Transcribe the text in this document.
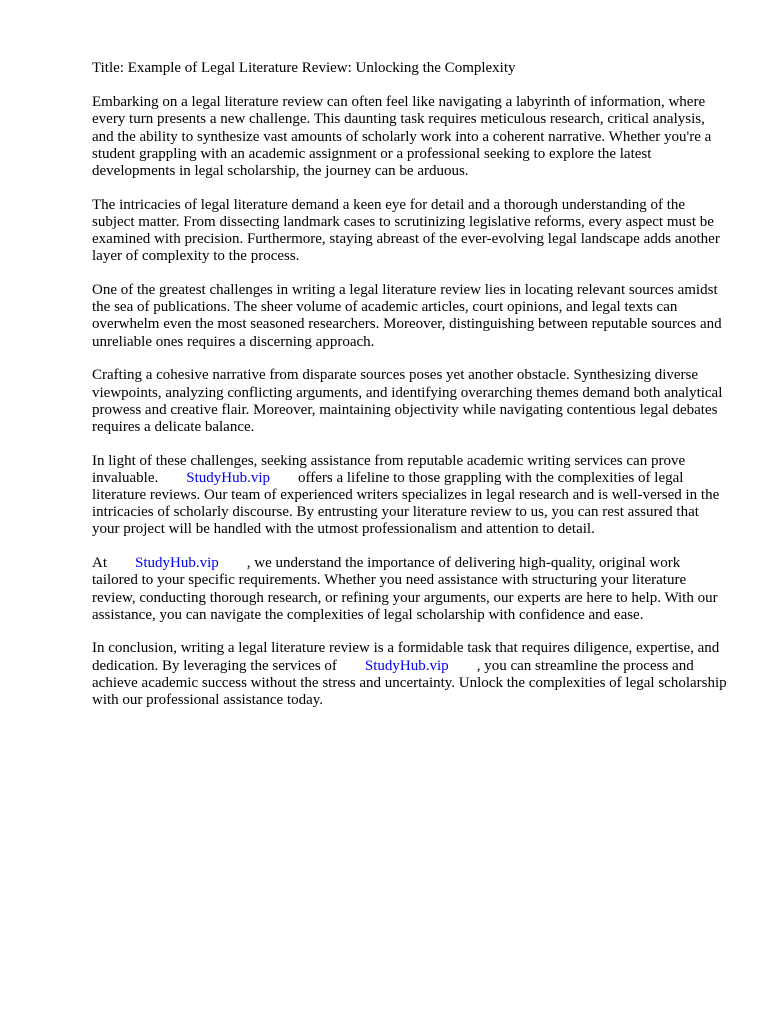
Title: Example of Legal Literature Review: Unlocking the Complexity

Embarking on a legal literature review can often feel like navigating a labyrinth of information, where every turn presents a new challenge. This daunting task requires meticulous research, critical analysis, and the ability to synthesize vast amounts of scholarly work into a coherent narrative. Whether you're a student grappling with an academic assignment or a professional seeking to explore the latest developments in legal scholarship, the journey can be arduous.

The intricacies of legal literature demand a keen eye for detail and a thorough understanding of the subject matter. From dissecting landmark cases to scrutinizing legislative reforms, every aspect must be examined with precision. Furthermore, staying abreast of the ever-evolving legal landscape adds another layer of complexity to the process.

One of the greatest challenges in writing a legal literature review lies in locating relevant sources amidst the sea of publications. The sheer volume of academic articles, court opinions, and legal texts can overwhelm even the most seasoned researchers. Moreover, distinguishing between reputable sources and unreliable ones requires a discerning approach.

Crafting a cohesive narrative from disparate sources poses yet another obstacle. Synthesizing diverse viewpoints, analyzing conflicting arguments, and identifying overarching themes demand both analytical prowess and creative flair. Moreover, maintaining objectivity while navigating contentious legal debates requires a delicate balance.

In light of these challenges, seeking assistance from reputable academic writing services can prove invaluable. StudyHub.vip offers a lifeline to those grappling with the complexities of legal literature reviews. Our team of experienced writers specializes in legal research and is well-versed in the intricacies of scholarly discourse. By entrusting your literature review to us, you can rest assured that your project will be handled with the utmost professionalism and attention to detail.

At StudyHub.vip , we understand the importance of delivering high-quality, original work tailored to your specific requirements. Whether you need assistance with structuring your literature review, conducting thorough research, or refining your arguments, our experts are here to help. With our assistance, you can navigate the complexities of legal scholarship with confidence and ease.

In conclusion, writing a legal literature review is a formidable task that requires diligence, expertise, and dedication. By leveraging the services of StudyHub.vip , you can streamline the process and achieve academic success without the stress and uncertainty. Unlock the complexities of legal scholarship with our professional assistance today.
